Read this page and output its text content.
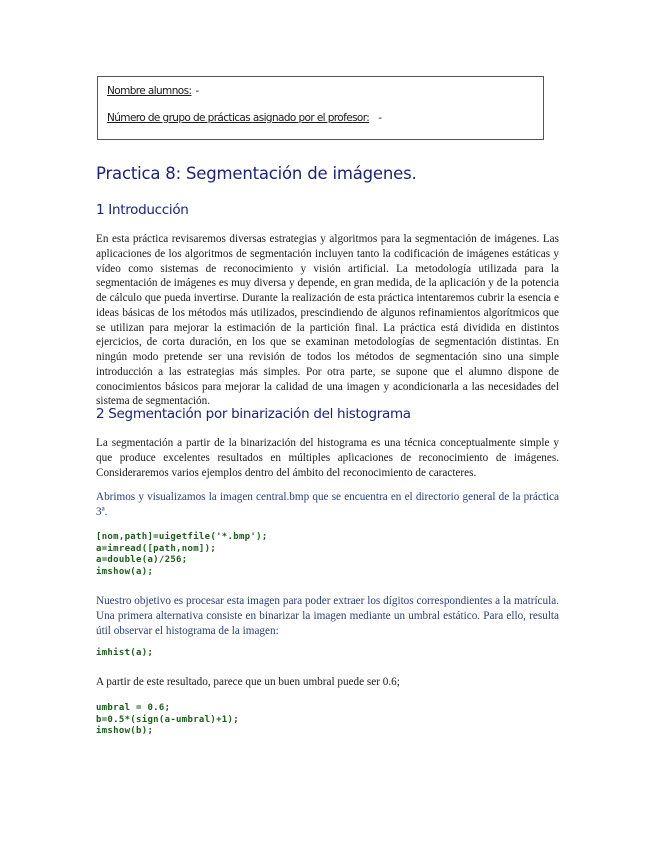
Nombre alumnos: -
Número de grupo de prácticas asignado por el profesor: -
Practica 8: Segmentación de imágenes.
1 Introducción

En esta práctica revisaremos diversas estrategias y algoritmos para la segmentación de imágenes. Las aplicaciones de los algoritmos de segmentación incluyen tanto la codificación de imágenes estáticas y vídeo como sistemas de reconocimiento y visión artificial. La metodología utilizada para la segmentación de imágenes es muy diversa y depende, en gran medida, de la aplicación y de la potencia de cálculo que pueda invertirse. Durante la realización de esta práctica intentaremos cubrir la esencia e ideas básicas de los métodos más utilizados, prescindiendo de algunos refinamientos algorítmicos que se utilizan para mejorar la estimación de la partición final. La práctica está dividida en distintos ejercicios, de corta duración, en los que se examinan metodologías de segmentación distintas. En ningún modo pretende ser una revisión de todos los métodos de segmentación sino una simple introducción a las estrategias más simples. Por otra parte, se supone que el alumno dispone de conocimientos básicos para mejorar la calidad de una imagen y acondicionarla a las necesidades del sistema de segmentación.

2 Segmentación por binarización del histograma

La segmentación a partir de la binarización del histograma es una técnica conceptualmente simple y que produce excelentes resultados en múltiples aplicaciones de reconocimiento de imágenes. Consideraremos varios ejemplos dentro del ámbito del reconocimiento de caracteres.

Abrimos y visualizamos la imagen central.bmp que se encuentra en el directorio general de la práctica 3ª.

[nom,path]=uigetfile('*.bmp');
a=imread([path,nom]);
a=double(a)/256;
imshow(a);

Nuestro objetivo es procesar esta imagen para poder extraer los dígitos correspondientes a la matrícula. Una primera alternativa consiste en binarizar la imagen mediante un umbral estático. Para ello, resulta útil observar el histograma de la imagen:

imhist(a);

A partir de este resultado, parece que un buen umbral puede ser 0.6;

umbral = 0.6;
b=0.5*(sign(a-umbral)+1);
imshow(b);
